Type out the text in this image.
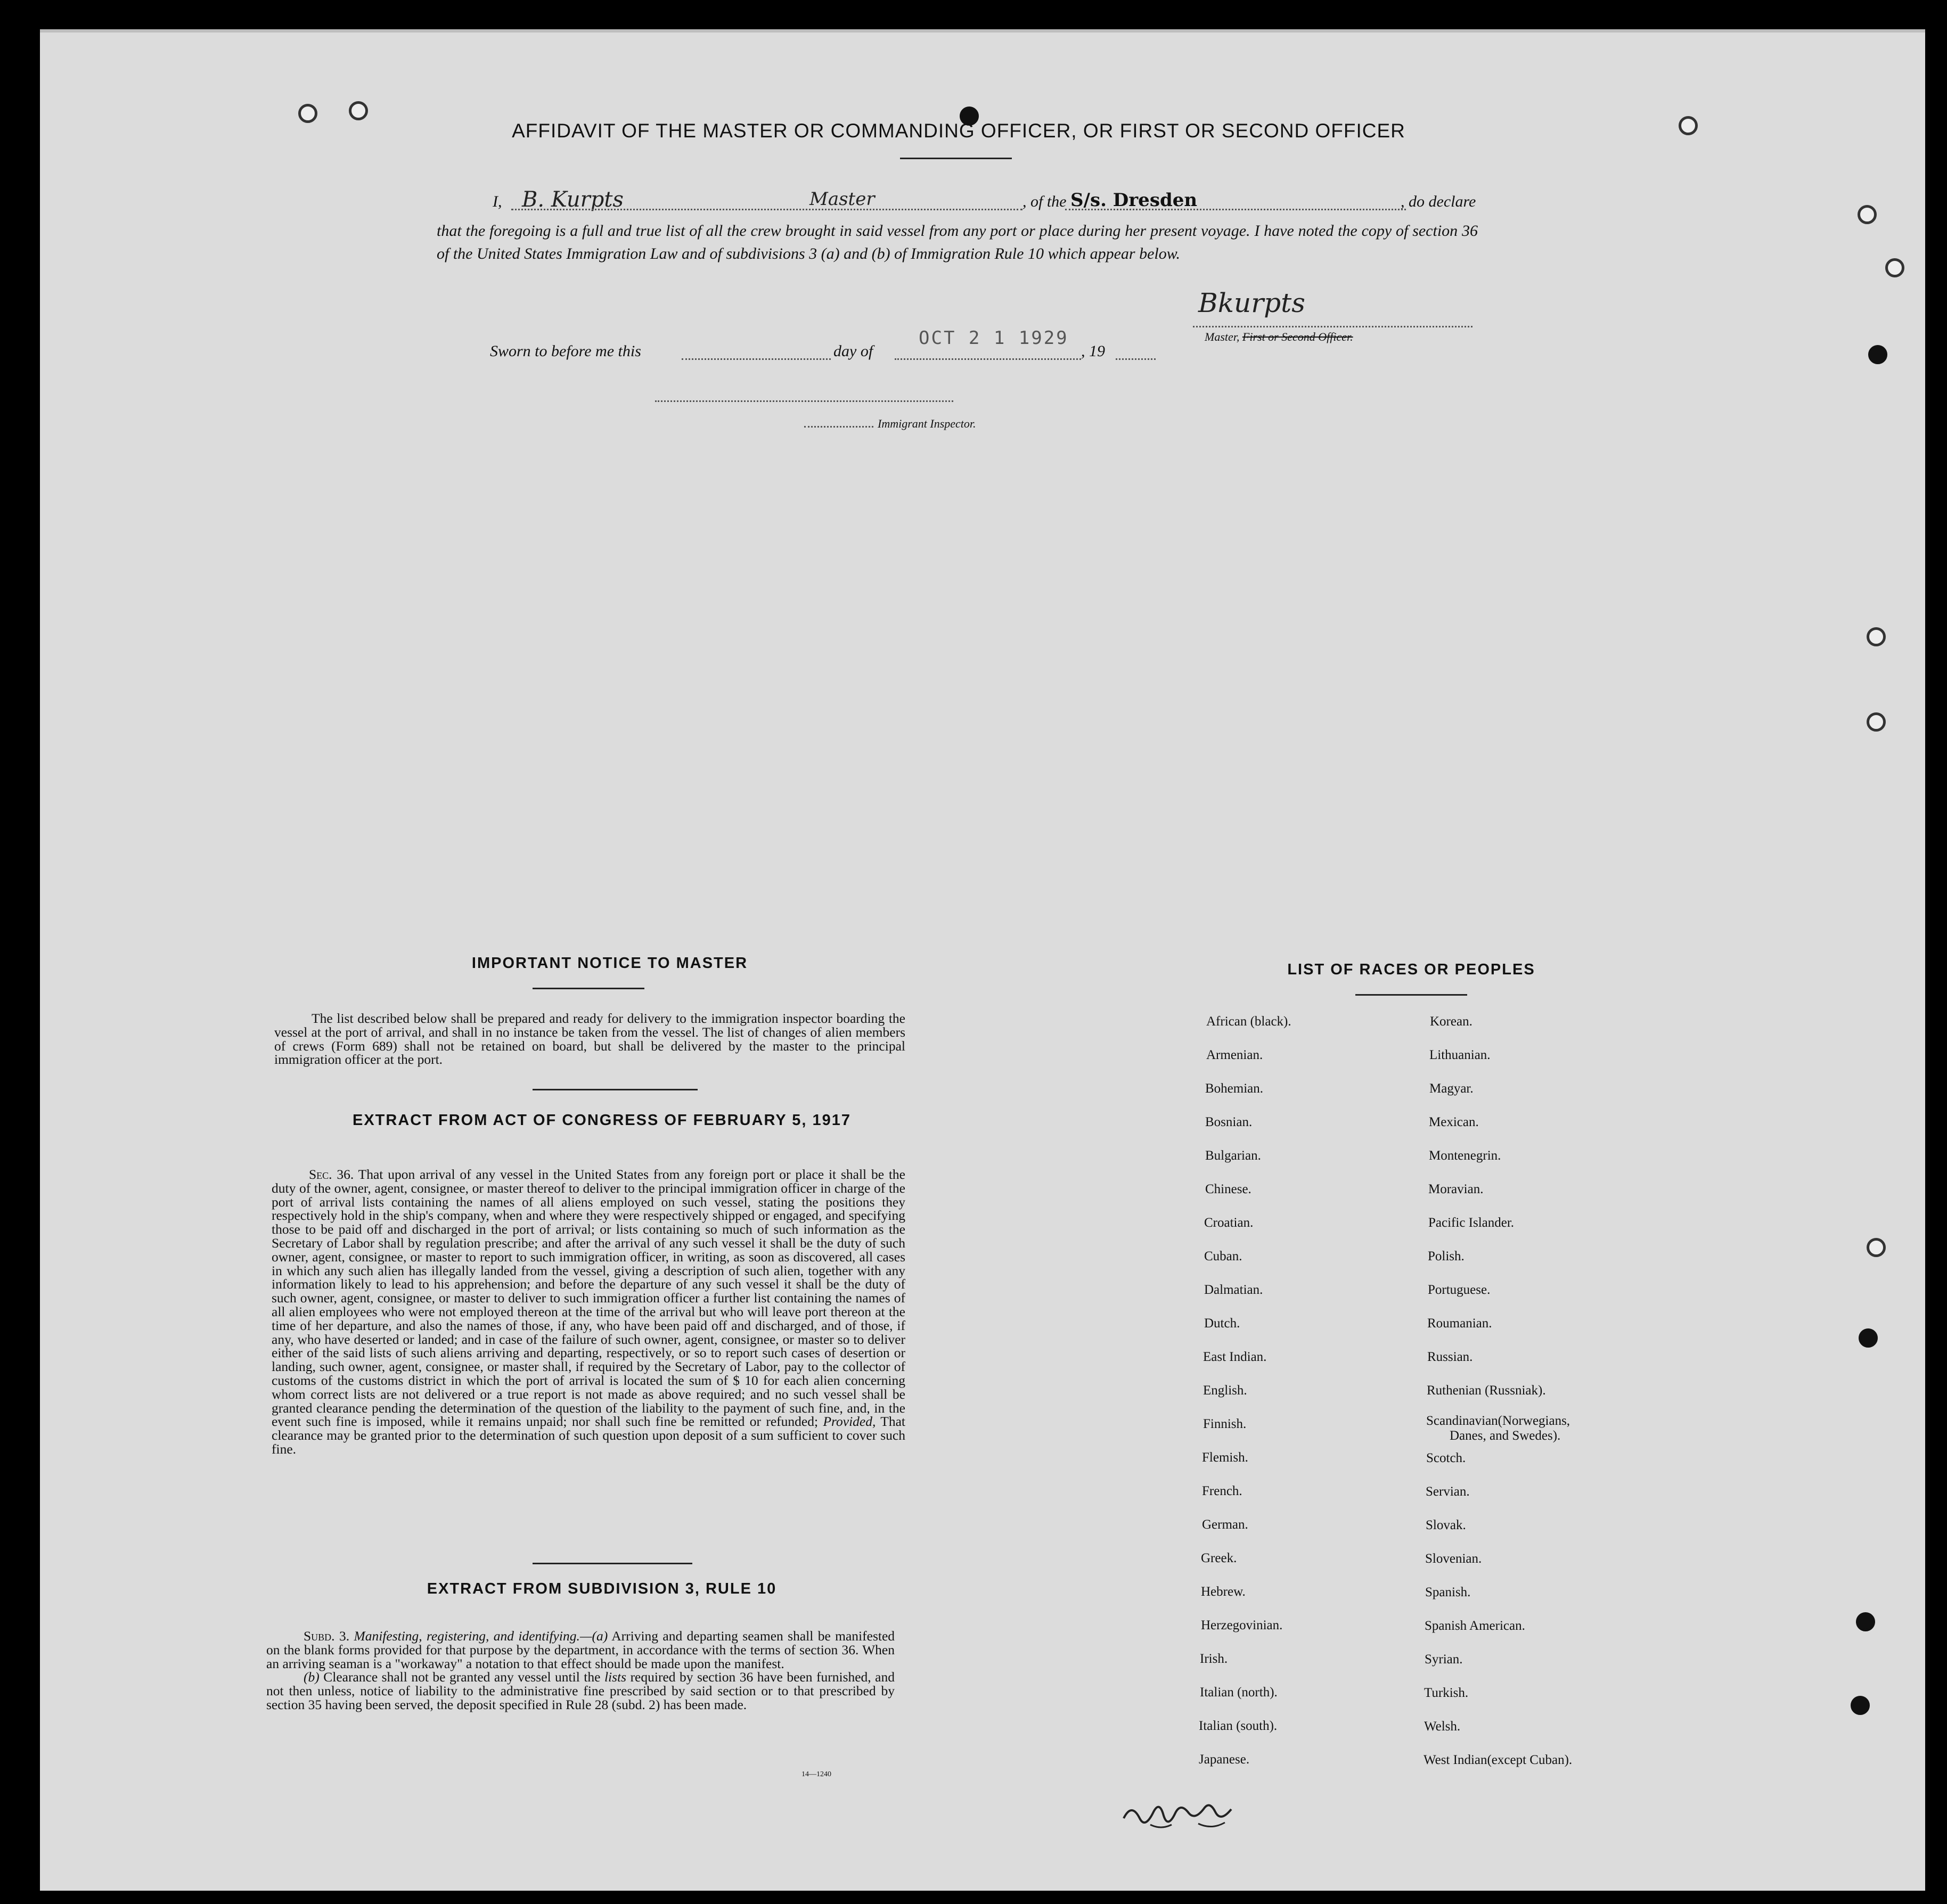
AFFIDAVIT OF THE MASTER OR COMMANDING OFFICER, OR FIRST OR SECOND OFFICER
I, B. Kurpts	Master	, of the S/s. Dresden	, do declare
that the foregoing is a full and true list of all the crew brought in said vessel from any port or place during her present voyage. I have noted the copy of section 36 of the United States Immigration Law and of subdivisions 3 (a) and (b) of Immigration Rule 10 which appear below.
Bkurpts
Master, First or Second Officer.
Sworn to before me this	day of
OCT 2 1 1929
, 19
Immigrant Inspector.
IMPORTANT NOTICE TO MASTER

The list described below shall be prepared and ready for delivery to the immigration inspector boarding the vessel at the port of arrival, and shall in no instance be taken from the vessel. The list of changes of alien members of crews (Form 689) shall not be retained on board, but shall be delivered by the master to the principal immigration officer at the port.

EXTRACT FROM ACT OF CONGRESS OF FEBRUARY 5, 1917

Sec. 36. That upon arrival of any vessel in the United States from any foreign port or place it shall be the duty of the owner, agent, consignee, or master thereof to deliver to the principal immigration officer in charge of the port of arrival lists containing the names of all aliens employed on such vessel, stating the positions they respectively hold in the ship's company, when and where they were respectively shipped or engaged, and specifying those to be paid off and discharged in the port of arrival; or lists containing so much of such information as the Secretary of Labor shall by regulation prescribe; and after the arrival of any such vessel it shall be the duty of such owner, agent, consignee, or master to report to such immigration officer, in writing, as soon as discovered, all cases in which any such alien has illegally landed from the vessel, giving a description of such alien, together with any information likely to lead to his apprehension; and before the departure of any such vessel it shall be the duty of such owner, agent, consignee, or master to deliver to such immigration officer a further list containing the names of all alien employees who were not employed thereon at the time of the arrival but who will leave port thereon at the time of her departure, and also the names of those, if any, who have been paid off and discharged, and of those, if any, who have deserted or landed; and in case of the failure of such owner, agent, consignee, or master so to deliver either of the said lists of such aliens arriving and departing, respectively, or so to report such cases of desertion or landing, such owner, agent, consignee, or master shall, if required by the Secretary of Labor, pay to the collector of customs of the customs district in which the port of arrival is located the sum of $ 10 for each alien concerning whom correct lists are not delivered or a true report is not made as above required; and no such vessel shall be granted clearance pending the determination of the question of the liability to the payment of such fine, and, in the event such fine is imposed, while it remains unpaid; nor shall such fine be remitted or refunded; Provided, That clearance may be granted prior to the determination of such question upon deposit of a sum sufficient to cover such fine.

EXTRACT FROM SUBDIVISION 3, RULE 10

Subd. 3. Manifesting, registering, and identifying.—(a) Arriving and departing seamen shall be manifested on the blank forms provided for that purpose by the department, in accordance with the terms of section 36. When an arriving seaman is a "workaway" a notation to that effect should be made upon the manifest.

(b) Clearance shall not be granted any vessel until the lists required by section 36 have been furnished, and not then unless, notice of liability to the administrative fine prescribed by said section or to that prescribed by section 35 having been served, the deposit specified in Rule 28 (subd. 2) has been made.

14—1240
LIST OF RACES OR PEOPLES
African (black).
Armenian.
Bohemian.
Bosnian.
Bulgarian.
Chinese.
Croatian.
Cuban.
Dalmatian.
Dutch.
East Indian.
English.
Finnish.
Flemish.
French.
German.
Greek.
Hebrew.
Herzegovinian.
Irish.
Italian (north).
Italian (south).
Japanese.
Korean.
Lithuanian.
Magyar.
Mexican.
Montenegrin.
Moravian.
Pacific Islander.
Polish.
Portuguese.
Roumanian.
Russian.
Ruthenian (Russniak).
Scandinavian(Norwegians,
Danes, and Swedes).
Scotch.
Servian.
Slovak.
Slovenian.
Spanish.
Spanish American.
Syrian.
Turkish.
Welsh.
West Indian(except Cuban).
